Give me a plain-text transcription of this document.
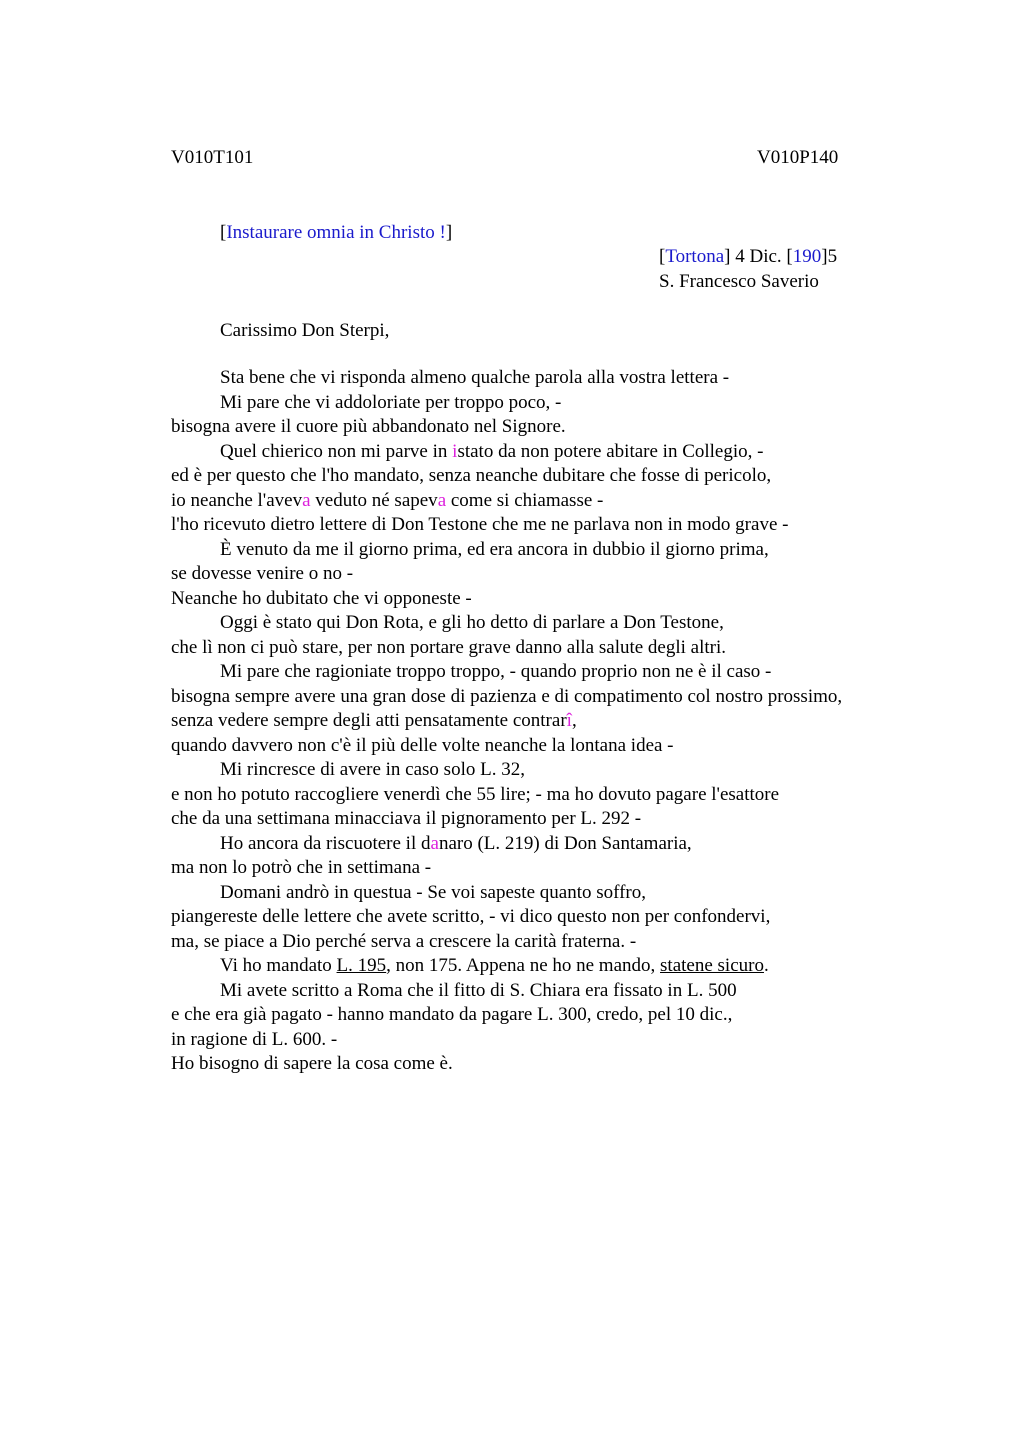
V010T101	V010P140
[Instaurare omnia in Christo !]
[Tortona] 4 Dic. [190]5
S. Francesco Saverio
Carissimo Don Sterpi,
Sta bene che vi risponda almeno qualche parola alla vostra lettera -
Mi pare che vi addoloriate per troppo poco, -
bisogna avere il cuore più abbandonato nel Signore.
Quel chierico non mi parve in istato da non potere abitare in Collegio, -
ed è per questo che l'ho mandato, senza neanche dubitare che fosse di pericolo,
io neanche l'aveva veduto né sapeva come si chiamasse -
l'ho ricevuto dietro lettere di Don Testone che me ne parlava non in modo grave -
È venuto da me il giorno prima, ed era ancora in dubbio il giorno prima,
se dovesse venire o no -
Neanche ho dubitato che vi opponeste -
Oggi è stato qui Don Rota, e gli ho detto di parlare a Don Testone,
che lì non ci può stare, per non portare grave danno alla salute degli altri.
Mi pare che ragioniate troppo troppo, - quando proprio non ne è il caso -
bisogna sempre avere una gran dose di pazienza e di compatimento col nostro prossimo,
senza vedere sempre degli atti pensatamente contrarî,
quando davvero non c'è il più delle volte neanche la lontana idea -
Mi rincresce di avere in caso solo L. 32,
e non ho potuto raccogliere venerdì che 55 lire; - ma ho dovuto pagare l'esattore
che da una settimana minacciava il pignoramento per L. 292 -
Ho ancora da riscuotere il danaro (L. 219) di Don Santamaria,
ma non lo potrò che in settimana -
Domani andrò in questua - Se voi sapeste quanto soffro,
piangereste delle lettere che avete scritto, - vi dico questo non per confondervi,
ma, se piace a Dio perché serva a crescere la carità fraterna. -
Vi ho mandato L. 195, non 175. Appena ne ho ne mando, statene sicuro.
Mi avete scritto a Roma che il fitto di S. Chiara era fissato in L. 500
e che era già pagato - hanno mandato da pagare L. 300, credo, pel 10 dic.,
in ragione di L. 600. -
Ho bisogno di sapere la cosa come è.
